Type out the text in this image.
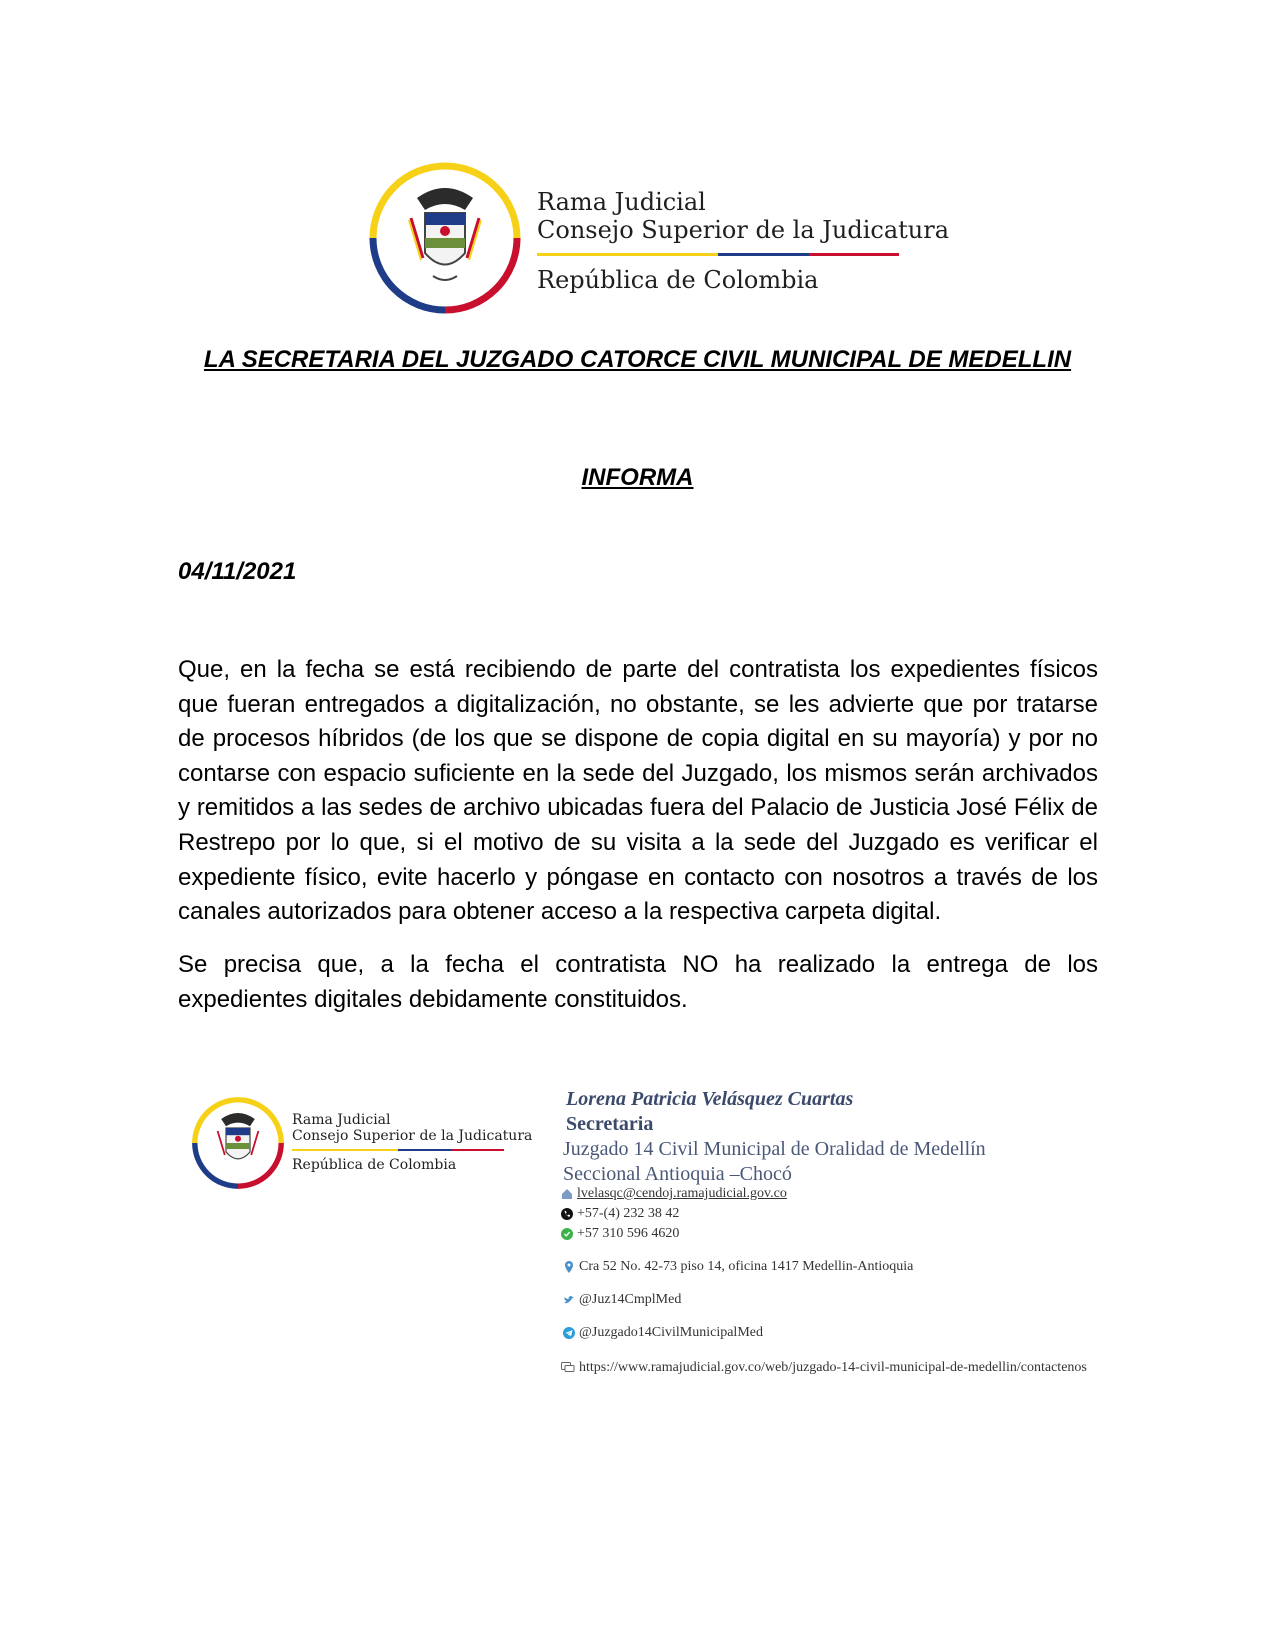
Rama Judicial
Consejo Superior de la Judicatura
República de Colombia
LA SECRETARIA DEL JUZGADO CATORCE CIVIL MUNICIPAL DE MEDELLIN
INFORMA
04/11/2021
Que, en la fecha se está recibiendo de parte del contratista los expedientes físicos que fueran entregados a digitalización, no obstante, se les advierte que por tratarse de procesos híbridos (de los que se dispone de copia digital en su mayoría) y por no contarse con espacio suficiente en la sede del Juzgado, los mismos serán archivados y remitidos a las sedes de archivo ubicadas fuera del Palacio de Justicia José Félix de Restrepo por lo que, si el motivo de su visita a la sede del Juzgado es verificar el expediente físico, evite hacerlo y póngase en contacto con nosotros a través de los canales autorizados para obtener acceso a la respectiva carpeta digital.
Se precisa que, a la fecha el contratista NO ha realizado la entrega de los expedientes digitales debidamente constituidos.
Rama Judicial
Consejo Superior de la Judicatura
República de Colombia
Lorena Patricia Velásquez Cuartas
Secretaria
Juzgado 14 Civil Municipal de Oralidad de Medellín
Seccional Antioquia –Chocó
lvelasqc@cendoj.ramajudicial.gov.co
+57-(4) 232 38 42
+57 310 596 4620
Cra 52 No. 42-73 piso 14, oficina 1417 Medellin-Antioquia
@Juz14CmplMed
@Juzgado14CivilMunicipalMed
https://www.ramajudicial.gov.co/web/juzgado-14-civil-municipal-de-medellin/contactenos
